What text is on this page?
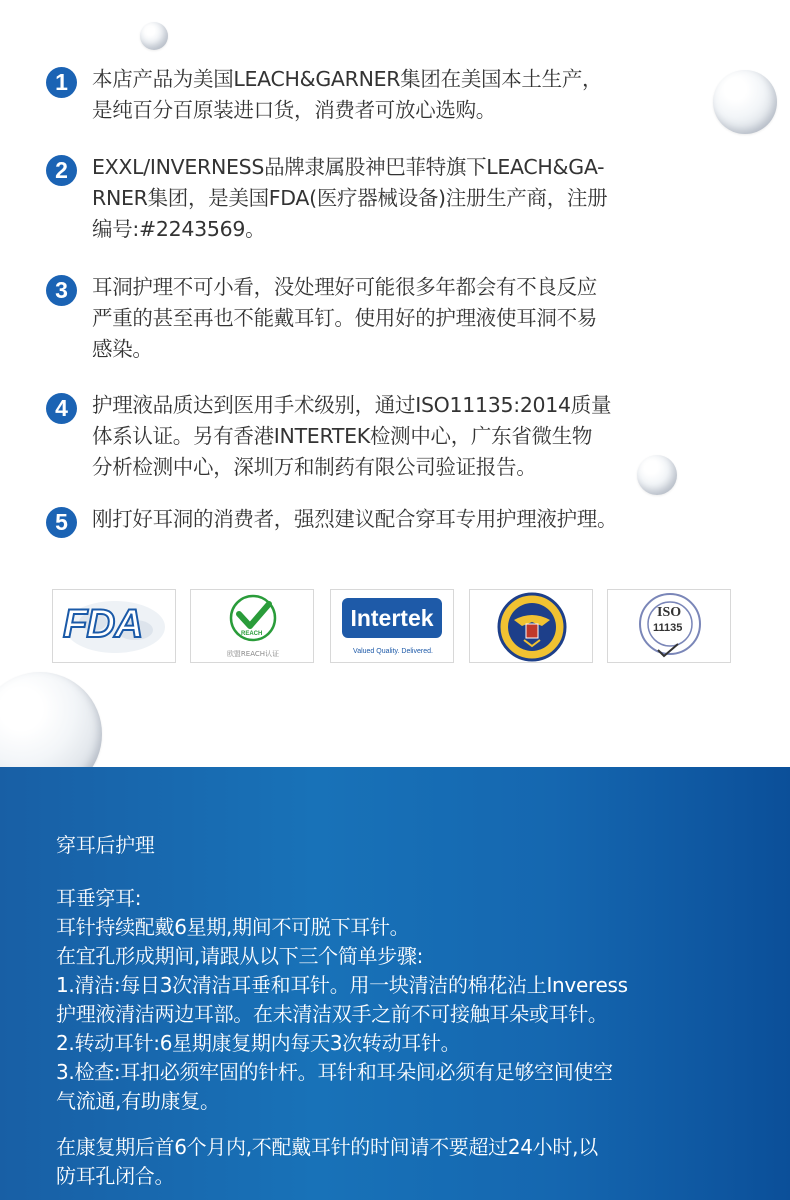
1	本店产品为美国LEACH&GARNER集团在美国本土生产，
是纯百分百原装进口货，消费者可放心选购。
2	EXXL/INVERNESS品牌隶属股神巴菲特旗下LEACH&GA-
RNER集团，是美国FDA(医疗器械设备)注册生产商，注册
编号:#2243569。
3	耳洞护理不可小看，没处理好可能很多年都会有不良反应
严重的甚至再也不能戴耳钉。使用好的护理液使耳洞不易
感染。
4	护理液品质达到医用手术级别，通过ISO11135:2014质量
体系认证。另有香港INTERTEK检测中心，广东省微生物
分析检测中心，深圳万和制药有限公司验证报告。
5	刚打好耳洞的消费者，强烈建议配合穿耳专用护理液护理。
FDA	REACH
欧盟REACH认证
Intertek
Valued Quality. Delivered.
ISO
11135
穿耳后护理
耳垂穿耳:
耳针持续配戴6星期,期间不可脱下耳针。
在宜孔形成期间,请跟从以下三个简单步骤:
1.清洁:每日3次清洁耳垂和耳针。用一块清洁的棉花沾上Inveress
护理液清洁两边耳部。在未清洁双手之前不可接触耳朵或耳针。
2.转动耳针:6星期康复期内每天3次转动耳针。
3.检查:耳扣必须牢固的针杆。耳针和耳朵间必须有足够空间使空
气流通,有助康复。
在康复期后首6个月内,不配戴耳针的时间请不要超过24小时,以
防耳孔闭合。
